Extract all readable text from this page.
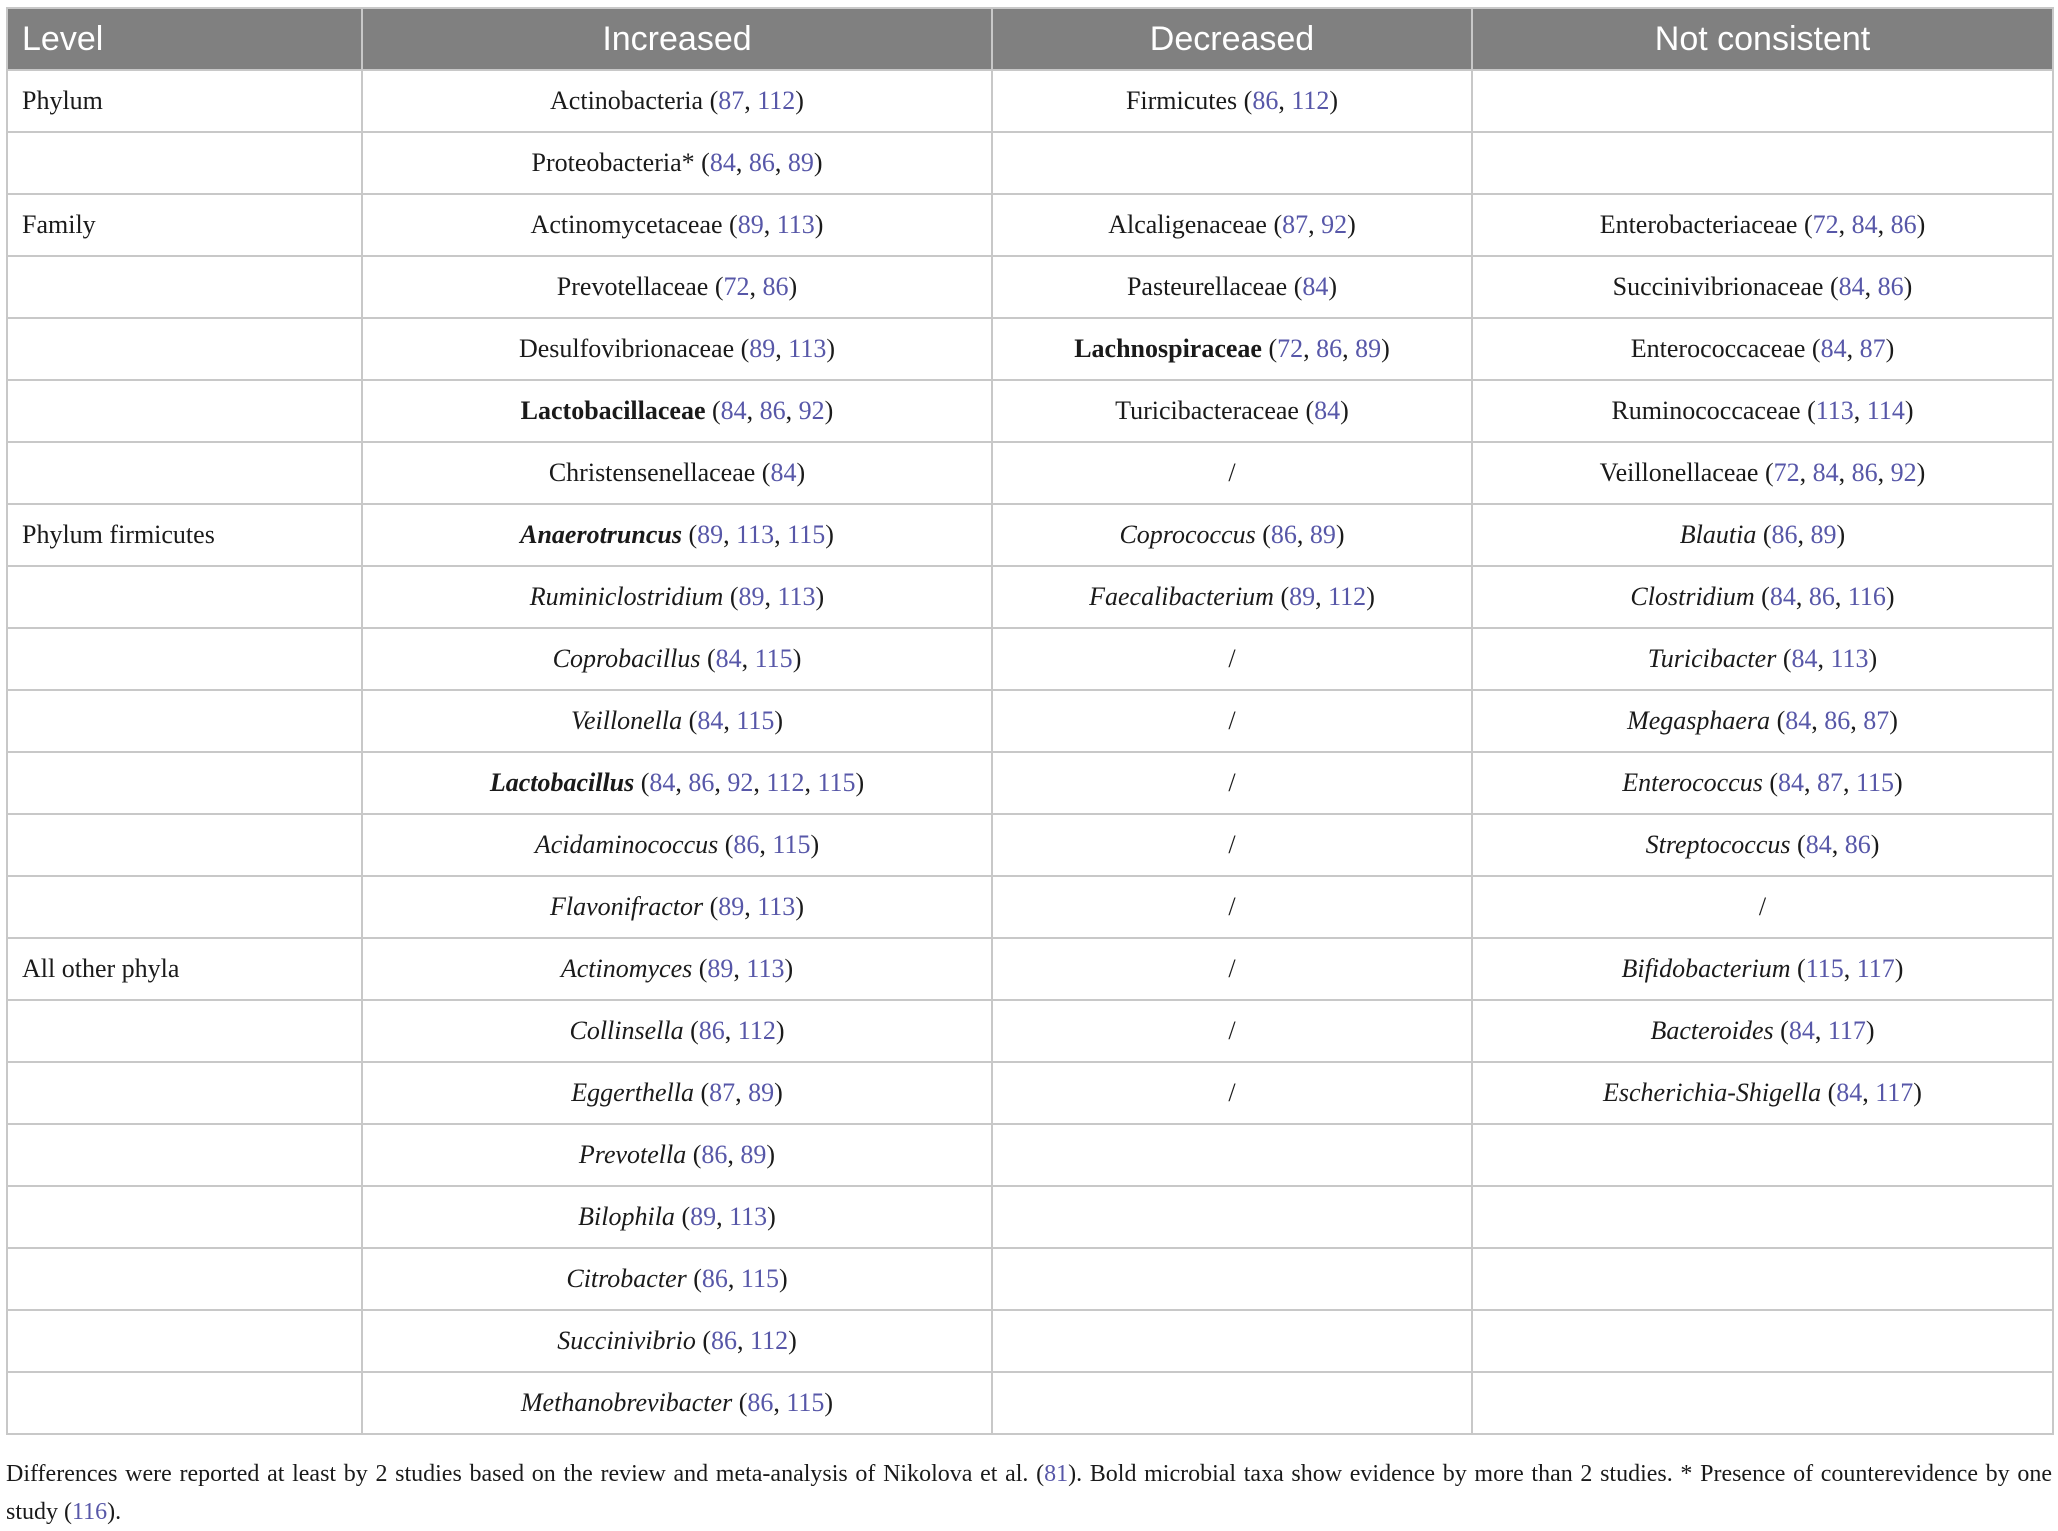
Level	Increased	Decreased	Not consistent
Phylum	Actinobacteria (87, 112)	Firmicutes (86, 112)	
	Proteobacteria* (84, 86, 89)		
Family	Actinomycetaceae (89, 113)	Alcaligenaceae (87, 92)	Enterobacteriaceae (72, 84, 86)
	Prevotellaceae (72, 86)	Pasteurellaceae (84)	Succinivibrionaceae (84, 86)
	Desulfovibrionaceae (89, 113)	Lachnospiraceae (72, 86, 89)	Enterococcaceae (84, 87)
	Lactobacillaceae (84, 86, 92)	Turicibacteraceae (84)	Ruminococcaceae (113, 114)
	Christensenellaceae (84)	/	Veillonellaceae (72, 84, 86, 92)
Phylum firmicutes	Anaerotruncus (89, 113, 115)	Coprococcus (86, 89)	Blautia (86, 89)
	Ruminiclostridium (89, 113)	Faecalibacterium (89, 112)	Clostridium (84, 86, 116)
	Coprobacillus (84, 115)	/	Turicibacter (84, 113)
	Veillonella (84, 115)	/	Megasphaera (84, 86, 87)
	Lactobacillus (84, 86, 92, 112, 115)	/	Enterococcus (84, 87, 115)
	Acidaminococcus (86, 115)	/	Streptococcus (84, 86)
	Flavonifractor (89, 113)	/	/
All other phyla	Actinomyces (89, 113)	/	Bifidobacterium (115, 117)
	Collinsella (86, 112)	/	Bacteroides (84, 117)
	Eggerthella (87, 89)	/	Escherichia-Shigella (84, 117)
	Prevotella (86, 89)		
	Bilophila (89, 113)		
	Citrobacter (86, 115)		
	Succinivibrio (86, 112)		
	Methanobrevibacter (86, 115)		
Differences were reported at least by 2 studies based on the review and meta-analysis of Nikolova et al. (81). Bold microbial taxa show evidence by more than 2 studies. * Presence of counterevidence by one study (116).
